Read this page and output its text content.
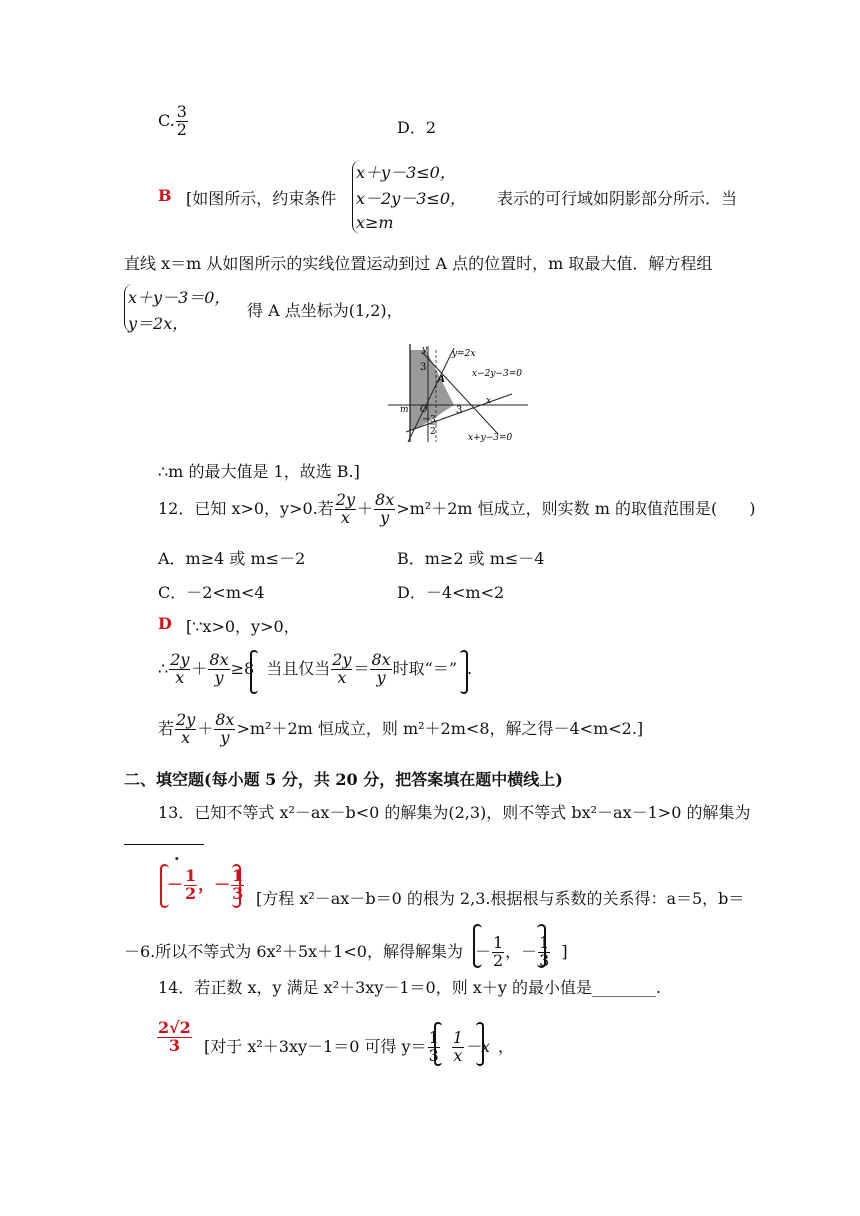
C. $\frac{3}{2}$	D．2
B [如图所示，约束条件
x＋y－3≤0，
x－2y－3≤0，
x≥m
表示的可行域如阴影部分所示．当
直线 x＝m 从如图所示的实线位置运动到过 A 点的位置时，m 取最大值．解方程组
x＋y－3＝0，
y＝2x，
得 A 点坐标为(1,2)，
y=2x
x−2y−3=0
x+y−3=0
y
x
A
O
m	3
3
− 3
2
∴m 的最大值是 1，故选 B.]
12．已知 x>0，y>0.若 $\frac{2y}{x} + \frac{8x}{y} >m^2+2m$ 恒成立，则实数 m 的取值范围是(　　)
A．m≥4 或 m≤－2	B．m≥2 或 m≤－4
C．－2<m<4	D．－4<m<2
D [∵x>0，y>0，
∴ $\frac{2y}{x} + \frac{8x}{y} \ge 8$ 当且仅当 $\frac{2y}{x} = \frac{8x}{y}$ 时取“＝” .
若 $\frac{2y}{x} + \frac{8x}{y} >m^2+2m$ 恒成立，则 m²＋2m<8，解之得－4<m<2.]
二、填空题(每小题 5 分，共 20 分，把答案填在题中横线上)
13．已知不等式 x²－ax－b<0 的解集为(2,3)，则不等式 bx²－ax－1>0 的解集为
.
－ $\frac{1}{2}$ ，－ $\frac{1}{3}$ [方程 x²－ax－b＝0 的根为 2,3.根据根与系数的关系得：a＝5，b＝
－6.所以不等式为 6x²＋5x＋1<0，解得解集为 － $\frac{1}{2}$ ，－ $\frac{1}{3}$ ]
14．若正数 x，y 满足 x²＋3xy－1＝0，则 x＋y 的最小值是________.
$\frac{2√2}{3}$ [对于 x²＋3xy－1＝0 可得 $y= \frac{1}{3} \frac{1}{x} -x$ ，
